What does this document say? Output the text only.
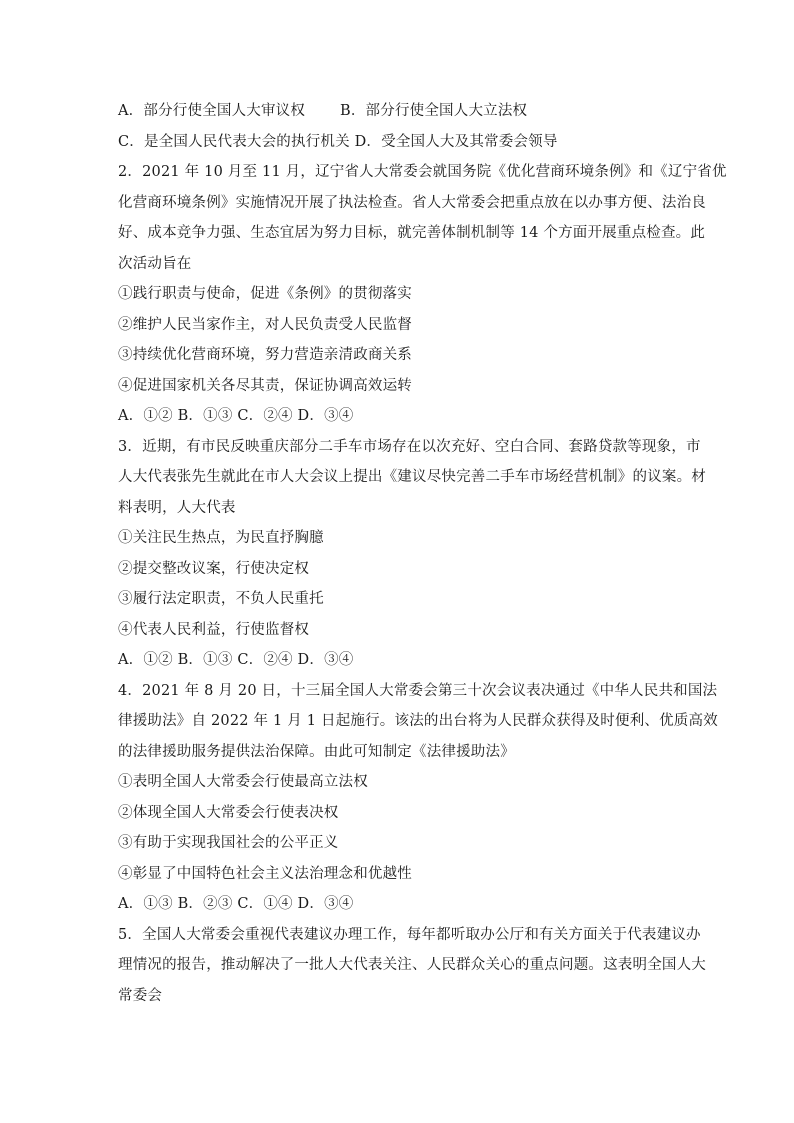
A．部分行使全国人大审议权	B．部分行使全国人大立法权
C．是全国人民代表大会的执行机关 D．受全国人大及其常委会领导
2．2021 年 10 月至 11 月，辽宁省人大常委会就国务院《优化营商环境条例》和《辽宁省优
化营商环境条例》实施情况开展了执法检查。省人大常委会把重点放在以办事方便、法治良
好、成本竞争力强、生态宜居为努力目标，就完善体制机制等 14 个方面开展重点检查。此
次活动旨在
①践行职责与使命，促进《条例》的贯彻落实
②维护人民当家作主，对人民负责受人民监督
③持续优化营商环境，努力营造亲清政商关系
④促进国家机关各尽其责，保证协调高效运转
A．①② B．①③ C．②④ D．③④
3．近期，有市民反映重庆部分二手车市场存在以次充好、空白合同、套路贷款等现象，市
人大代表张先生就此在市人大会议上提出《建议尽快完善二手车市场经营机制》的议案。材
料表明，人大代表
①关注民生热点，为民直抒胸臆
②提交整改议案，行使决定权
③履行法定职责，不负人民重托
④代表人民利益，行使监督权
A．①② B．①③ C．②④ D．③④
4．2021 年 8 月 20 日，十三届全国人大常委会第三十次会议表决通过《中华人民共和国法
律援助法》自 2022 年 1 月 1 日起施行。该法的出台将为人民群众获得及时便利、优质高效
的法律援助服务提供法治保障。由此可知制定《法律援助法》
①表明全国人大常委会行使最高立法权
②体现全国人大常委会行使表决权
③有助于实现我国社会的公平正义
④彰显了中国特色社会主义法治理念和优越性
A．①③ B．②③ C．①④ D．③④
5．全国人大常委会重视代表建议办理工作，每年都听取办公厅和有关方面关于代表建议办
理情况的报告，推动解决了一批人大代表关注、人民群众关心的重点问题。这表明全国人大
常委会
